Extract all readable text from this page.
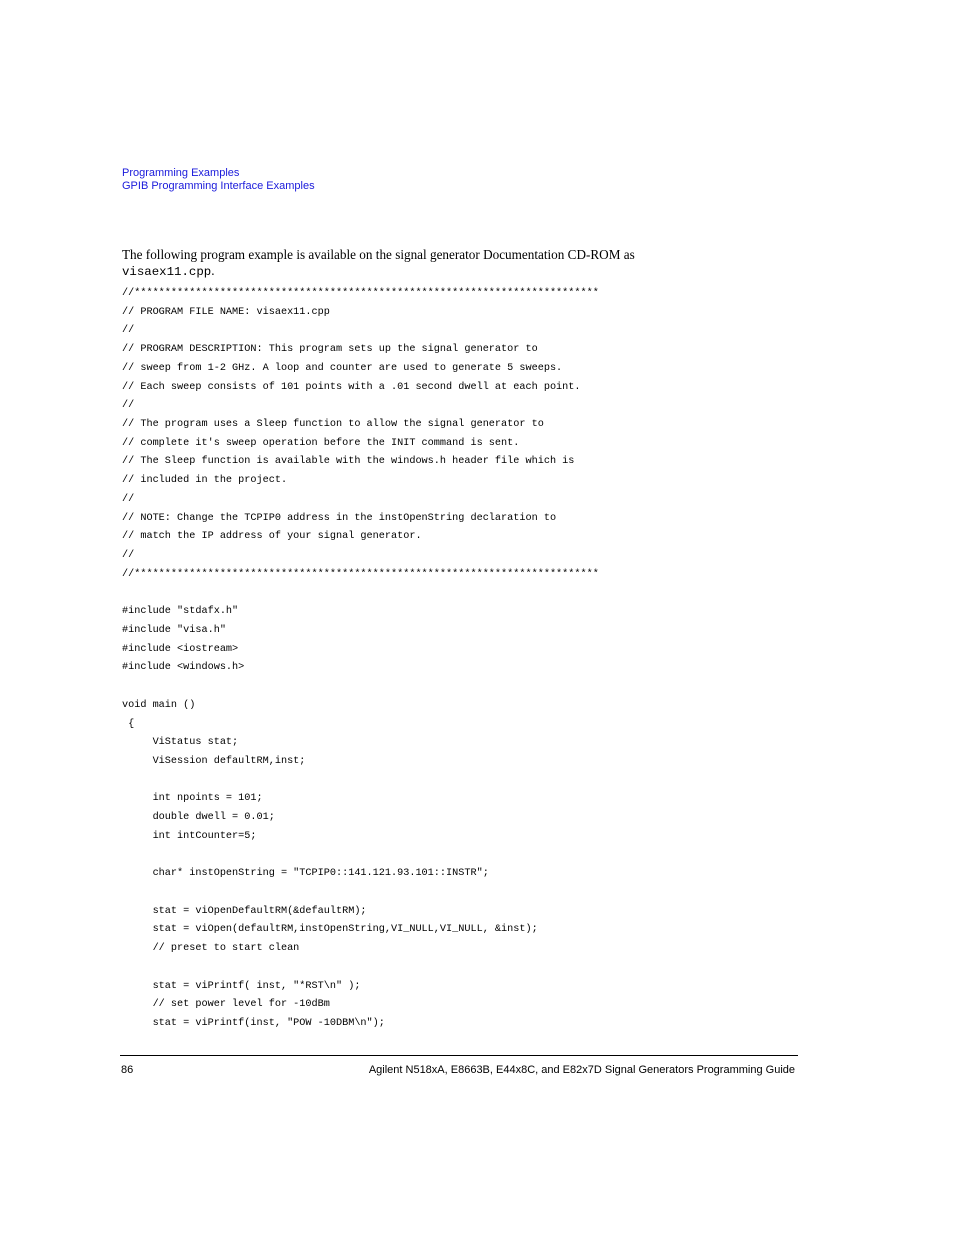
Programming Examples
GPIB Programming Interface Examples

The following program example is available on the signal generator Documentation CD-ROM as
visaex11.cpp.

//****************************************************************************
// PROGRAM FILE NAME: visaex11.cpp
//
// PROGRAM DESCRIPTION: This program sets up the signal generator to
// sweep from 1-2 GHz. A loop and counter are used to generate 5 sweeps.
// Each sweep consists of 101 points with a .01 second dwell at each point.
//
// The program uses a Sleep function to allow the signal generator to
// complete it's sweep operation before the INIT command is sent.
// The Sleep function is available with the windows.h header file which is
// included in the project.
//
// NOTE: Change the TCPIP0 address in the instOpenString declaration to
// match the IP address of your signal generator.
//
//****************************************************************************
#include "stdafx.h"
#include "visa.h"
#include <iostream>
#include <windows.h>
void main ()
{
ViStatus stat;
ViSession defaultRM,inst;
int npoints = 101;
double dwell = 0.01;
int intCounter=5;
char* instOpenString = "TCPIP0::141.121.93.101::INSTR";
stat = viOpenDefaultRM(&defaultRM);
stat = viOpen(defaultRM,instOpenString,VI_NULL,VI_NULL, &inst);
// preset to start clean
stat = viPrintf( inst, "*RST\n" );
// set power level for -10dBm
stat = viPrintf(inst, "POW -10DBM\n");
86	Agilent N518xA, E8663B, E44x8C, and E82x7D Signal Generators Programming Guide
